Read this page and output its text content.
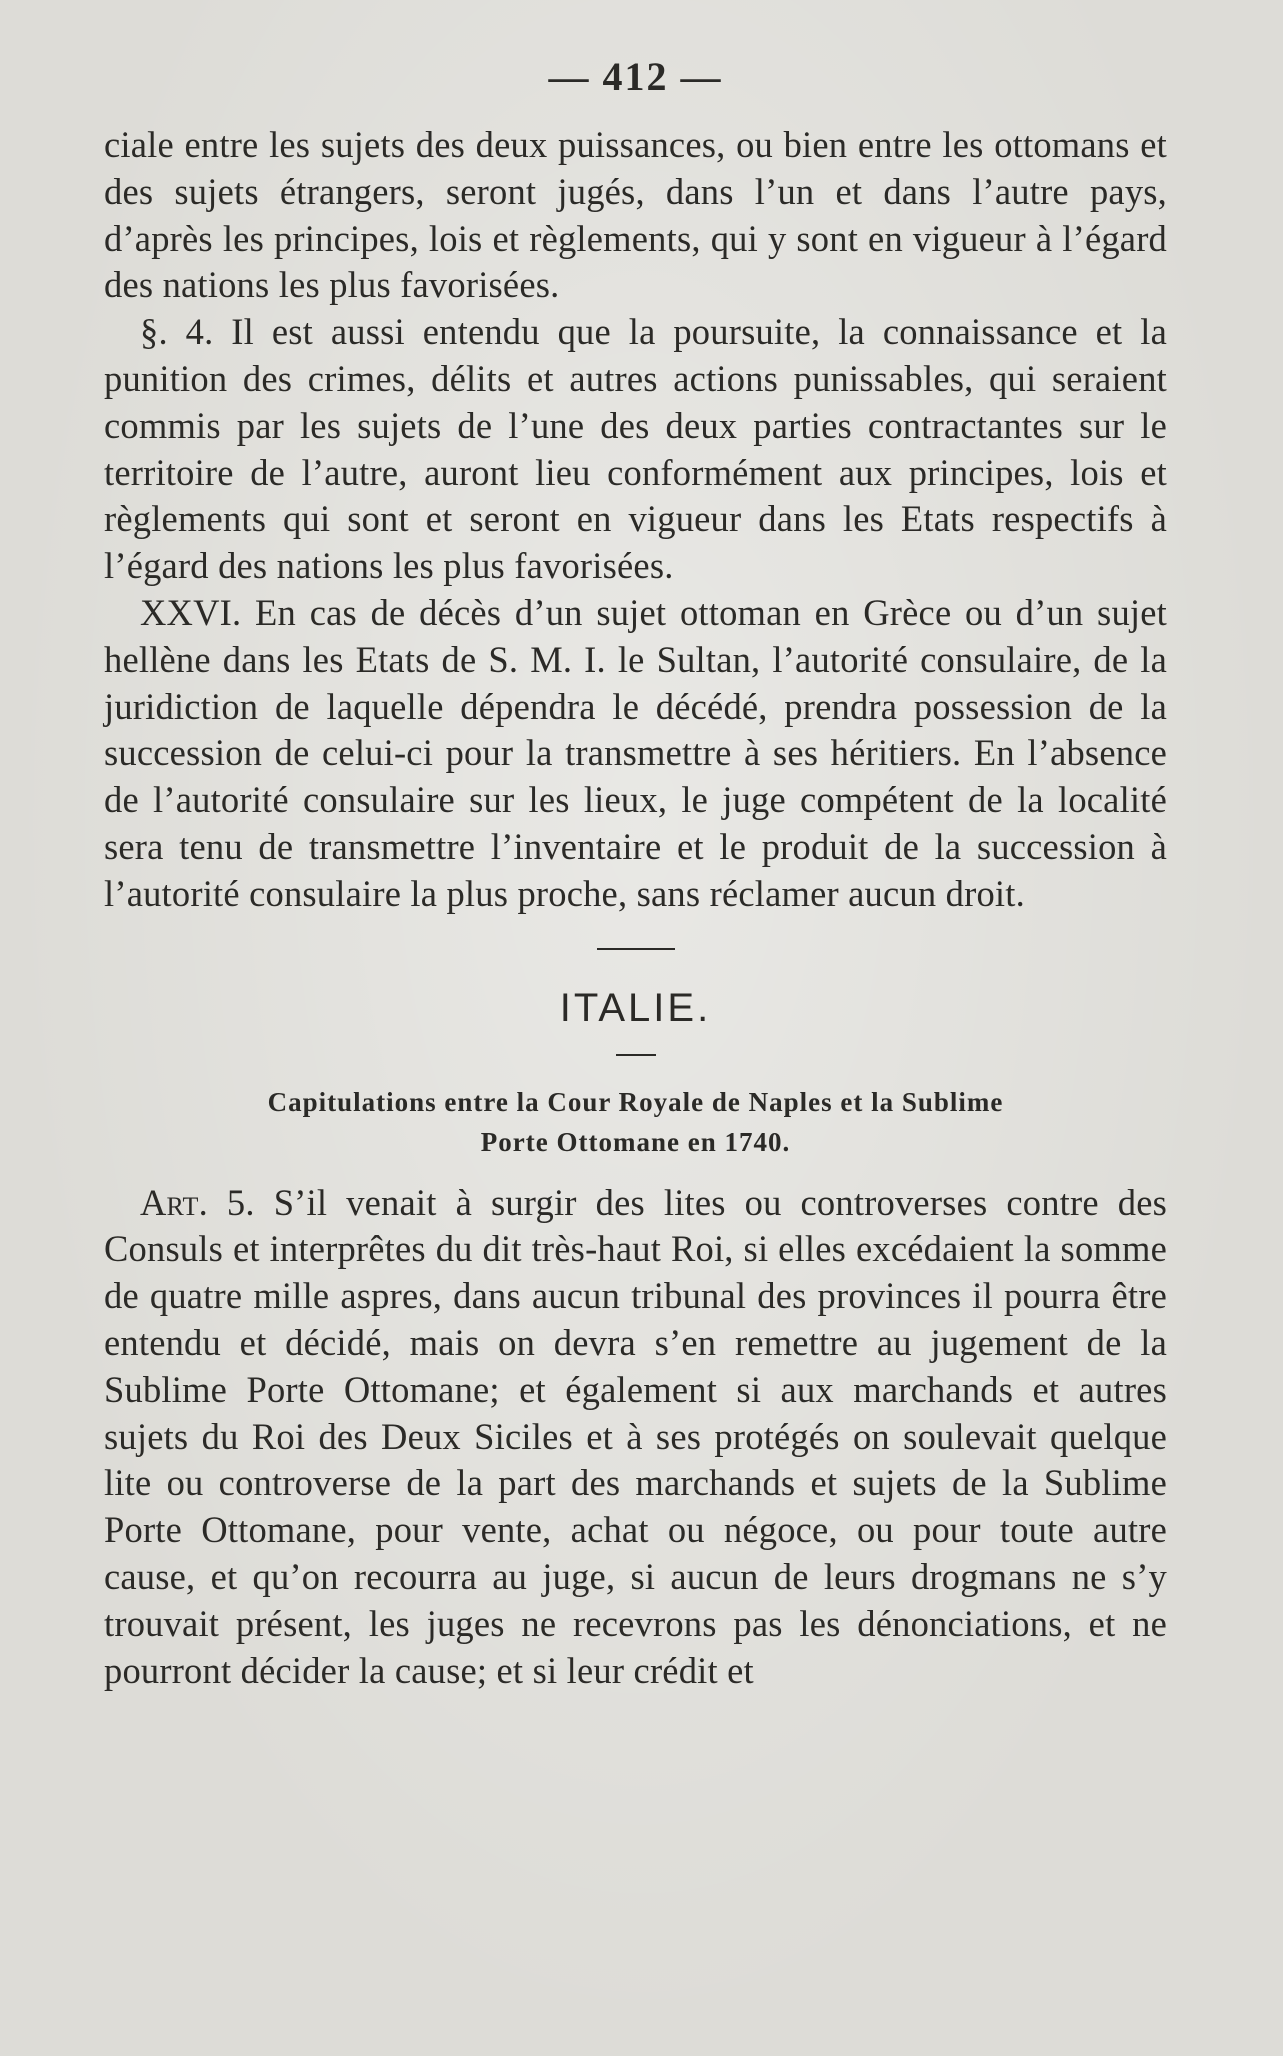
— 412 —

ciale entre les sujets des deux puissances, ou bien entre les ottomans et des sujets étrangers, seront jugés, dans l’un et dans l’autre pays, d’après les principes, lois et règlements, qui y sont en vigueur à l’égard des nations les plus favorisées.

§. 4. Il est aussi entendu que la poursuite, la connaissance et la punition des crimes, délits et autres actions punissables, qui seraient commis par les sujets de l’une des deux parties contractantes sur le territoire de l’autre, auront lieu conformément aux principes, lois et règlements qui sont et seront en vigueur dans les Etats respectifs à l’égard des nations les plus favorisées.

XXVI. En cas de décès d’un sujet ottoman en Grèce ou d’un sujet hellène dans les Etats de S. M. I. le Sultan, l’autorité consulaire, de la juridiction de laquelle dépendra le décédé, prendra possession de la succession de celui-ci pour la transmettre à ses héritiers. En l’absence de l’autorité consulaire sur les lieux, le juge compétent de la localité sera tenu de transmettre l’inventaire et le produit de la succession à l’autorité consulaire la plus proche, sans réclamer aucun droit.

ITALIE.
Capitulations entre la Cour Royale de Naples et la Sublime
Porte Ottomane en 1740.

Art. 5. S’il venait à surgir des lites ou controverses contre des Consuls et interprêtes du dit très-haut Roi, si elles excédaient la somme de quatre mille aspres, dans aucun tribunal des provinces il pourra être entendu et décidé, mais on devra s’en remettre au jugement de la Sublime Porte Ottomane; et également si aux marchands et autres sujets du Roi des Deux Siciles et à ses protégés on soulevait quelque lite ou controverse de la part des marchands et sujets de la Sublime Porte Ottomane, pour vente, achat ou négoce, ou pour toute autre cause, et qu’on recourra au juge, si aucun de leurs drogmans ne s’y trouvait présent, les juges ne recevrons pas les dénonciations, et ne pourront décider la cause; et si leur crédit et
